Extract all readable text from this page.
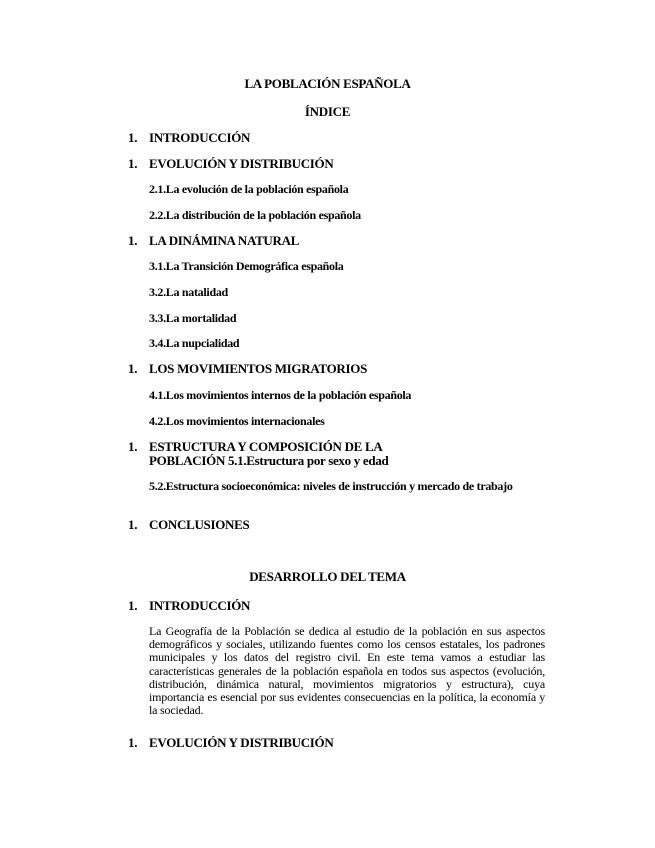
LA POBLACIÓN ESPAÑOLA
ÍNDICE
1. INTRODUCCIÓN
1. EVOLUCIÓN Y DISTRIBUCIÓN
2.1.La evolución de la población española
2.2.La distribución de la población española
1. LA DINÁMINA NATURAL
3.1.La Transición Demográfica española
3.2.La natalidad
3.3.La mortalidad
3.4.La nupcialidad
1. LOS MOVIMIENTOS MIGRATORIOS
4.1.Los movimientos internos de la población española
4.2.Los movimientos internacionales
1. ESTRUCTURA Y COMPOSICIÓN DE LA POBLACIÓN 5.1.Estructura por sexo y edad
5.2.Estructura socioeconómica: niveles de instrucción y mercado de trabajo
1. CONCLUSIONES
DESARROLLO DEL TEMA
1. INTRODUCCIÓN
La Geografía de la Población se dedica al estudio de la población en sus aspectos demográficos y sociales, utilizando fuentes como los censos estatales, los padrones municipales y los datos del registro civil. En este tema vamos a estudiar las características generales de la población española en todos sus aspectos (evolución, distribución, dinámica natural, movimientos migratorios y estructura), cuya importancia es esencial por sus evidentes consecuencias en la política, la economía y la sociedad.
1. EVOLUCIÓN Y DISTRIBUCIÓN
